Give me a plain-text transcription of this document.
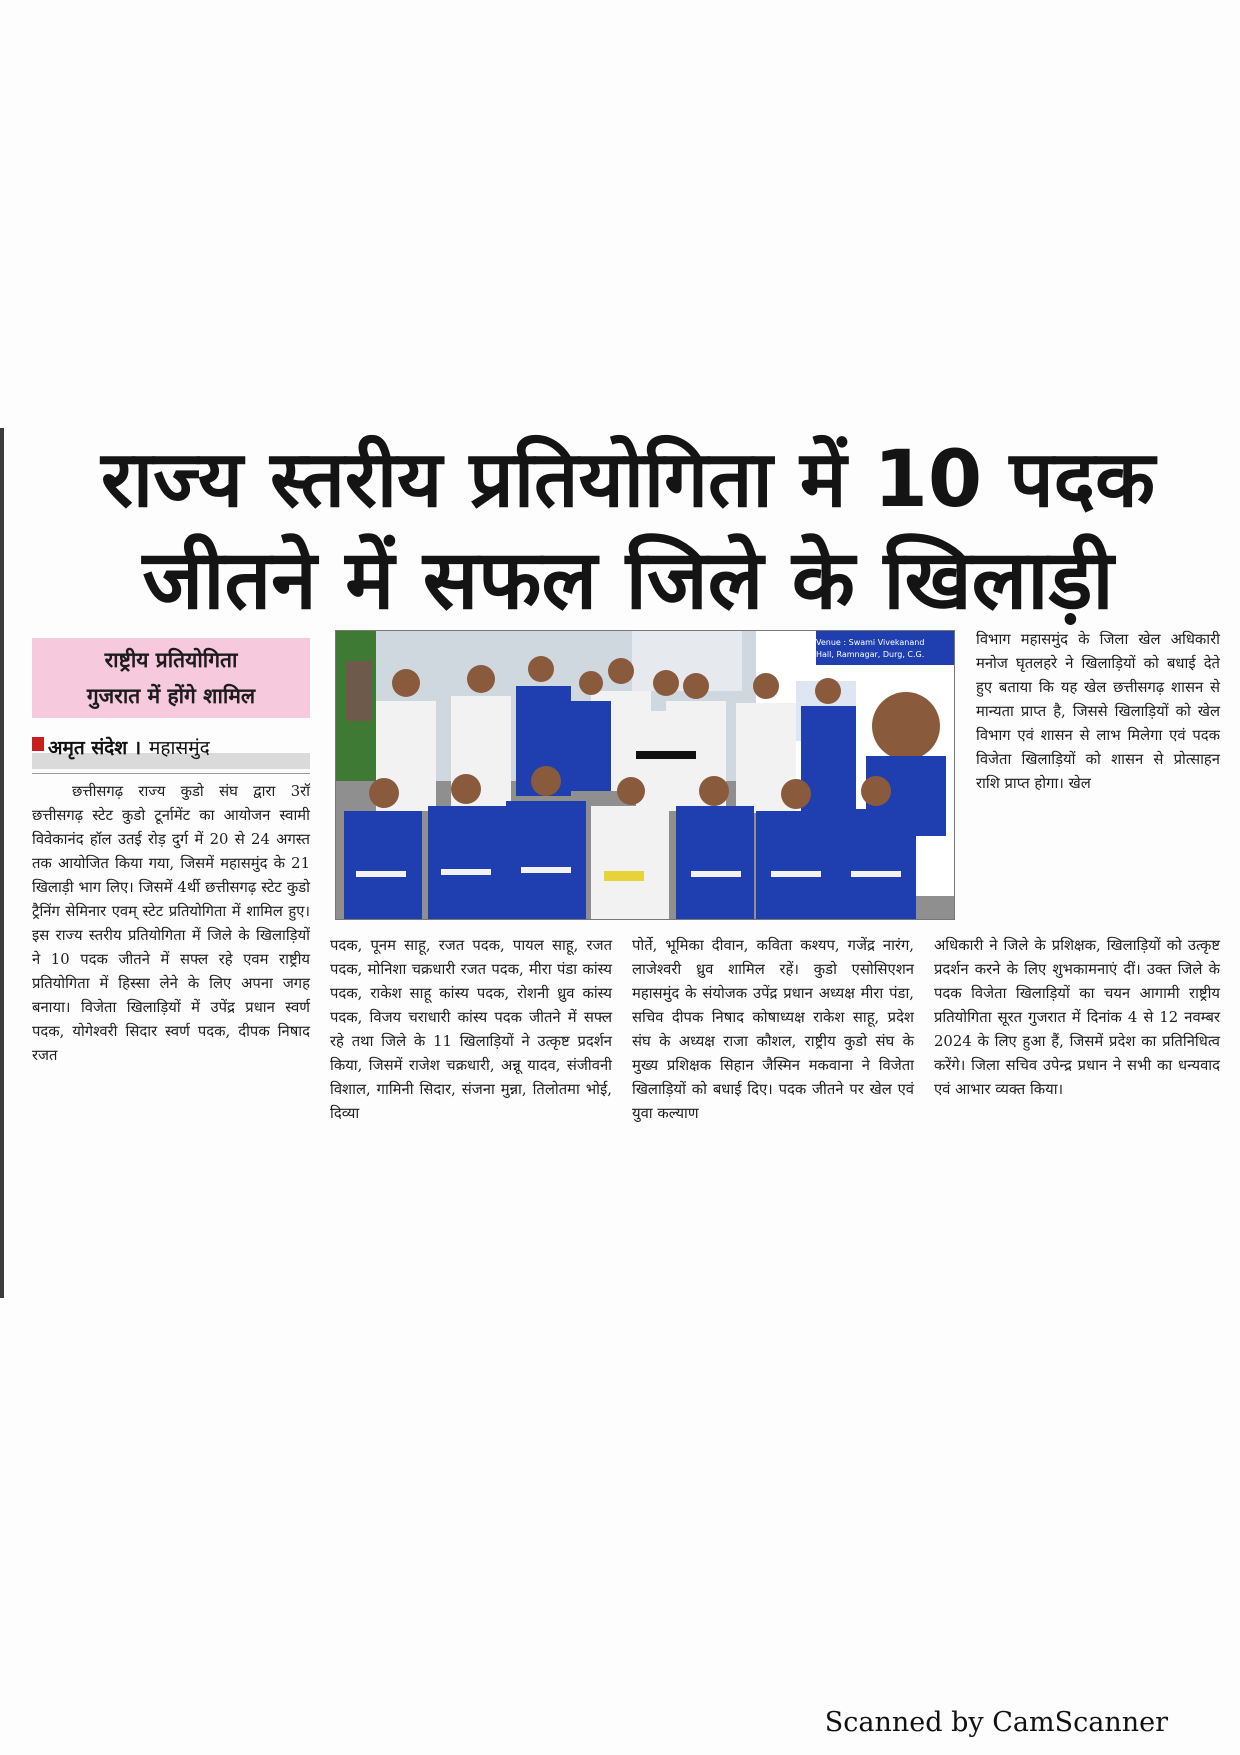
राज्य स्तरीय प्रतियोगिता में 10 पदक
जीतने में सफल जिले के खिलाड़ी
राष्ट्रीय प्रतियोगिता
गुजरात में होंगे शामिल
अमृत संदेश । महासमुंद

छत्तीसगढ़ राज्य कुडो संघ द्वारा 3रॉ छत्तीसगढ़ स्टेट कुडो टूर्नामेंट का आयोजन स्वामी विवेकानंद हॉल उतई रोड़ दुर्ग में 20 से 24 अगस्त तक आयोजित किया गया, जिसमें महासमुंद के 21 खिलाड़ी भाग लिए। जिसमें 4र्थी छत्तीसगढ़ स्टेट कुडो ट्रैनिंग सेमिनार एवम् स्टेट प्रतियोगिता में शामिल हुए। इस राज्य स्तरीय प्रतियोगिता में जिले के खिलाड़ियों ने 10 पदक जीतने में सफ्ल रहे एवम राष्ट्रीय प्रतियोगिता में हिस्सा लेने के लिए अपना जगह बनाया। विजेता खिलाड़ियों में उपेंद्र प्रधान स्वर्ण पदक, योगेश्वरी सिदार स्वर्ण पदक, दीपक निषाद रजत

Venue : Swami Vivekanand Hall, Ramnagar, Durg, C.G.

पदक, पूनम साहू, रजत पदक, पायल साहू, रजत पदक, मोनिशा चक्रधारी रजत पदक, मीरा पंडा कांस्य पदक, राकेश साहू कांस्य पदक, रोशनी ध्रुव कांस्य पदक, विजय चराधारी कांस्य पदक जीतने में सफ्ल रहे तथा जिले के 11 खिलाड़ियों ने उत्कृष्ट प्रदर्शन किया, जिसमें राजेश चक्रधारी, अन्नू यादव, संजीवनी विशाल, गामिनी सिदार, संजना मुन्ना, तिलोतमा भोई, दिव्या

पोर्ते, भूमिका दीवान, कविता कश्यप, गजेंद्र नारंग, लाजेश्वरी ध्रुव शामिल रहें। कुडो एसोसिएशन महासमुंद के संयोजक उपेंद्र प्रधान अध्यक्ष मीरा पंडा, सचिव दीपक निषाद कोषाध्यक्ष राकेश साहू, प्रदेश संघ के अध्यक्ष राजा कौशल, राष्ट्रीय कुडो संघ के मुख्य प्रशिक्षक सिहान जैस्मिन मकवाना ने विजेता खिलाड़ियों को बधाई दिए। पदक जीतने पर खेल एवं युवा कल्याण

विभाग महासमुंद के जिला खेल अधिकारी मनोज घृतलहरे ने खिलाड़ियों को बधाई देते हुए बताया कि यह खेल छत्तीसगढ़ शासन से मान्यता प्राप्त है, जिससे खिलाड़ियों को खेल विभाग एवं शासन से लाभ मिलेगा एवं पदक विजेता खिलाड़ियों को शासन से प्रोत्साहन राशि प्राप्त होगा। खेल

अधिकारी ने जिले के प्रशिक्षक, खिलाड़ियों को उत्कृष्ट प्रदर्शन करने के लिए शुभकामनाएं दीं। उक्त जिले के पदक विजेता खिलाड़ियों का चयन आगामी राष्ट्रीय प्रतियोगिता सूरत गुजरात में दिनांक 4 से 12 नवम्बर 2024 के लिए हुआ हैं, जिसमें प्रदेश का प्रतिनिधित्व करेंगे। जिला सचिव उपेन्द्र प्रधान ने सभी का धन्यवाद एवं आभार व्यक्त किया।

Scanned by CamScanner
